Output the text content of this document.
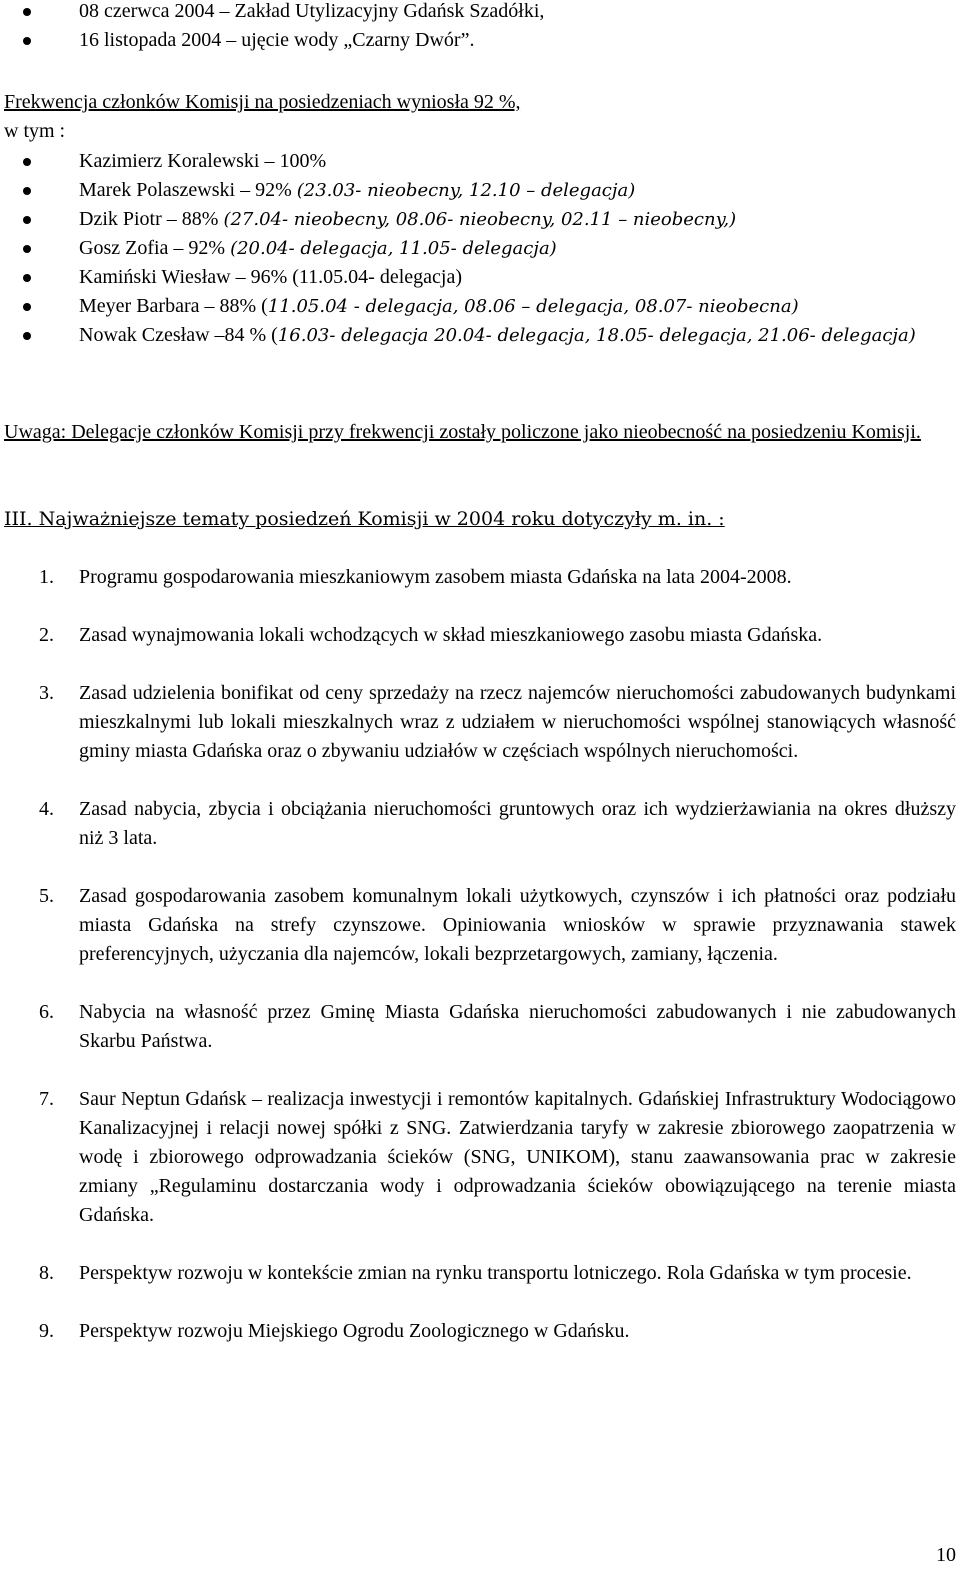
08 czerwca 2004 – Zakład Utylizacyjny Gdańsk Szadółki,
16 listopada 2004 – ujęcie wody „Czarny Dwór”.
Frekwencja członków Komisji na posiedzeniach wyniosła 92 %,
w tym :
Kazimierz Koralewski – 100%
Marek Polaszewski – 92% (23.03- nieobecny, 12.10 – delegacja)
Dzik Piotr – 88% (27.04- nieobecny, 08.06- nieobecny, 02.11 – nieobecny,)
Gosz Zofia – 92% (20.04- delegacja, 11.05- delegacja)
Kamiński Wiesław – 96% (11.05.04- delegacja)
Meyer Barbara – 88% (11.05.04 - delegacja, 08.06 – delegacja, 08.07- nieobecna)
Nowak Czesław –84 % (16.03- delegacja 20.04- delegacja, 18.05- delegacja, 21.06- delegacja)
Uwaga: Delegacje członków Komisji przy frekwencji zostały policzone jako nieobecność na posiedzeniu Komisji.
III. Najważniejsze tematy posiedzeń Komisji w 2004 roku dotyczyły m. in. :
1. Programu gospodarowania mieszkaniowym zasobem miasta Gdańska na lata 2004-2008.
2. Zasad wynajmowania lokali wchodzących w skład mieszkaniowego zasobu miasta Gdańska.
3. Zasad udzielenia bonifikat od ceny sprzedaży na rzecz najemców nieruchomości zabudowanych budynkami mieszkalnymi lub lokali mieszkalnych wraz z udziałem w nieruchomości wspólnej stanowiących własność gminy miasta Gdańska oraz o zbywaniu udziałów w częściach wspólnych nieruchomości.
4. Zasad nabycia, zbycia i obciążania nieruchomości gruntowych oraz ich wydzierżawiania na okres dłuższy niż 3 lata.
5. Zasad gospodarowania zasobem komunalnym lokali użytkowych, czynszów i ich płatności oraz podziału miasta Gdańska na strefy czynszowe. Opiniowania wniosków w sprawie przyznawania stawek preferencyjnych, użyczania dla najemców, lokali bezprzetargowych, zamiany, łączenia.
6. Nabycia na własność przez Gminę Miasta Gdańska nieruchomości zabudowanych i nie zabudowanych Skarbu Państwa.
7. Saur Neptun Gdańsk – realizacja inwestycji i remontów kapitalnych. Gdańskiej Infrastruktury Wodociągowo Kanalizacyjnej i relacji nowej spółki z SNG. Zatwierdzania taryfy w zakresie zbiorowego zaopatrzenia w wodę i zbiorowego odprowadzania ścieków (SNG, UNIKOM), stanu zaawansowania prac w zakresie zmiany „Regulaminu dostarczania wody i odprowadzania ścieków obowiązującego na terenie miasta Gdańska.
8. Perspektyw rozwoju w kontekście zmian na rynku transportu lotniczego. Rola Gdańska w tym procesie.
9. Perspektyw rozwoju Miejskiego Ogrodu Zoologicznego w Gdańsku.
10
